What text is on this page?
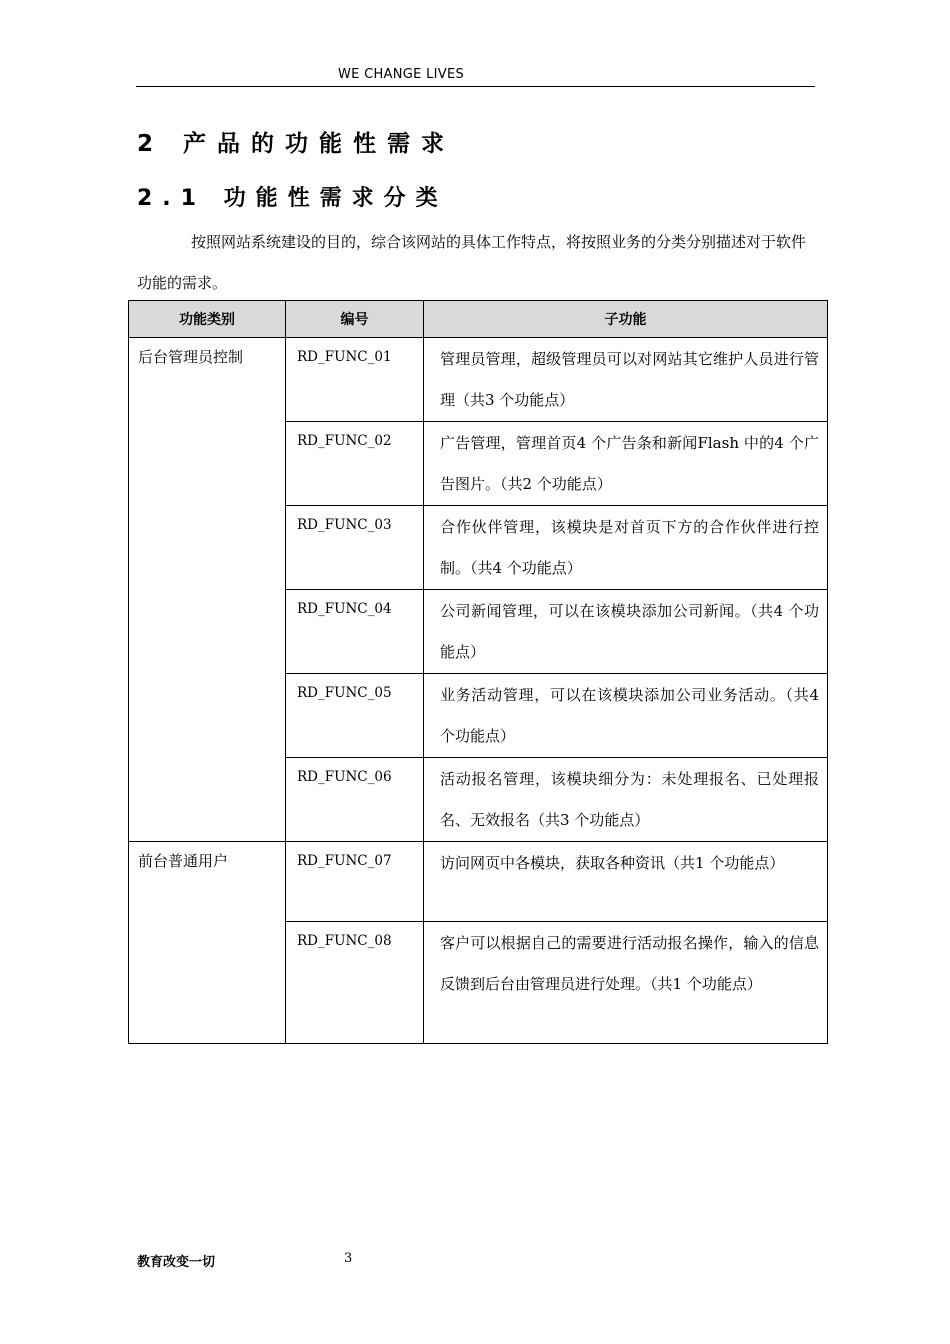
WE CHANGE LIVES
2 产品的功能性需求
2.1 功能性需求分类
按照网站系统建设的目的，综合该网站的具体工作特点，将按照业务的分类分别描述对于软件功能的需求。
功能类别	编号	子功能
后台管理员控制	RD_FUNC_01	管理员管理，超级管理员可以对网站其它维护人员进行管理（共3 个功能点）
	RD_FUNC_02	广告管理，管理首页4 个广告条和新闻Flash 中的4 个广告图片。（共2 个功能点）
	RD_FUNC_03	合作伙伴管理，该模块是对首页下方的合作伙伴进行控制。（共4 个功能点）
	RD_FUNC_04	公司新闻管理，可以在该模块添加公司新闻。（共4 个功能点）
	RD_FUNC_05	业务活动管理，可以在该模块添加公司业务活动。（共4 个功能点）
	RD_FUNC_06	活动报名管理，该模块细分为：未处理报名、已处理报名、无效报名（共3 个功能点）
前台普通用户	RD_FUNC_07	访问网页中各模块，获取各种资讯（共1 个功能点）
	RD_FUNC_08	客户可以根据自己的需要进行活动报名操作，输入的信息反馈到后台由管理员进行处理。（共1 个功能点）
教育改变一切	3
